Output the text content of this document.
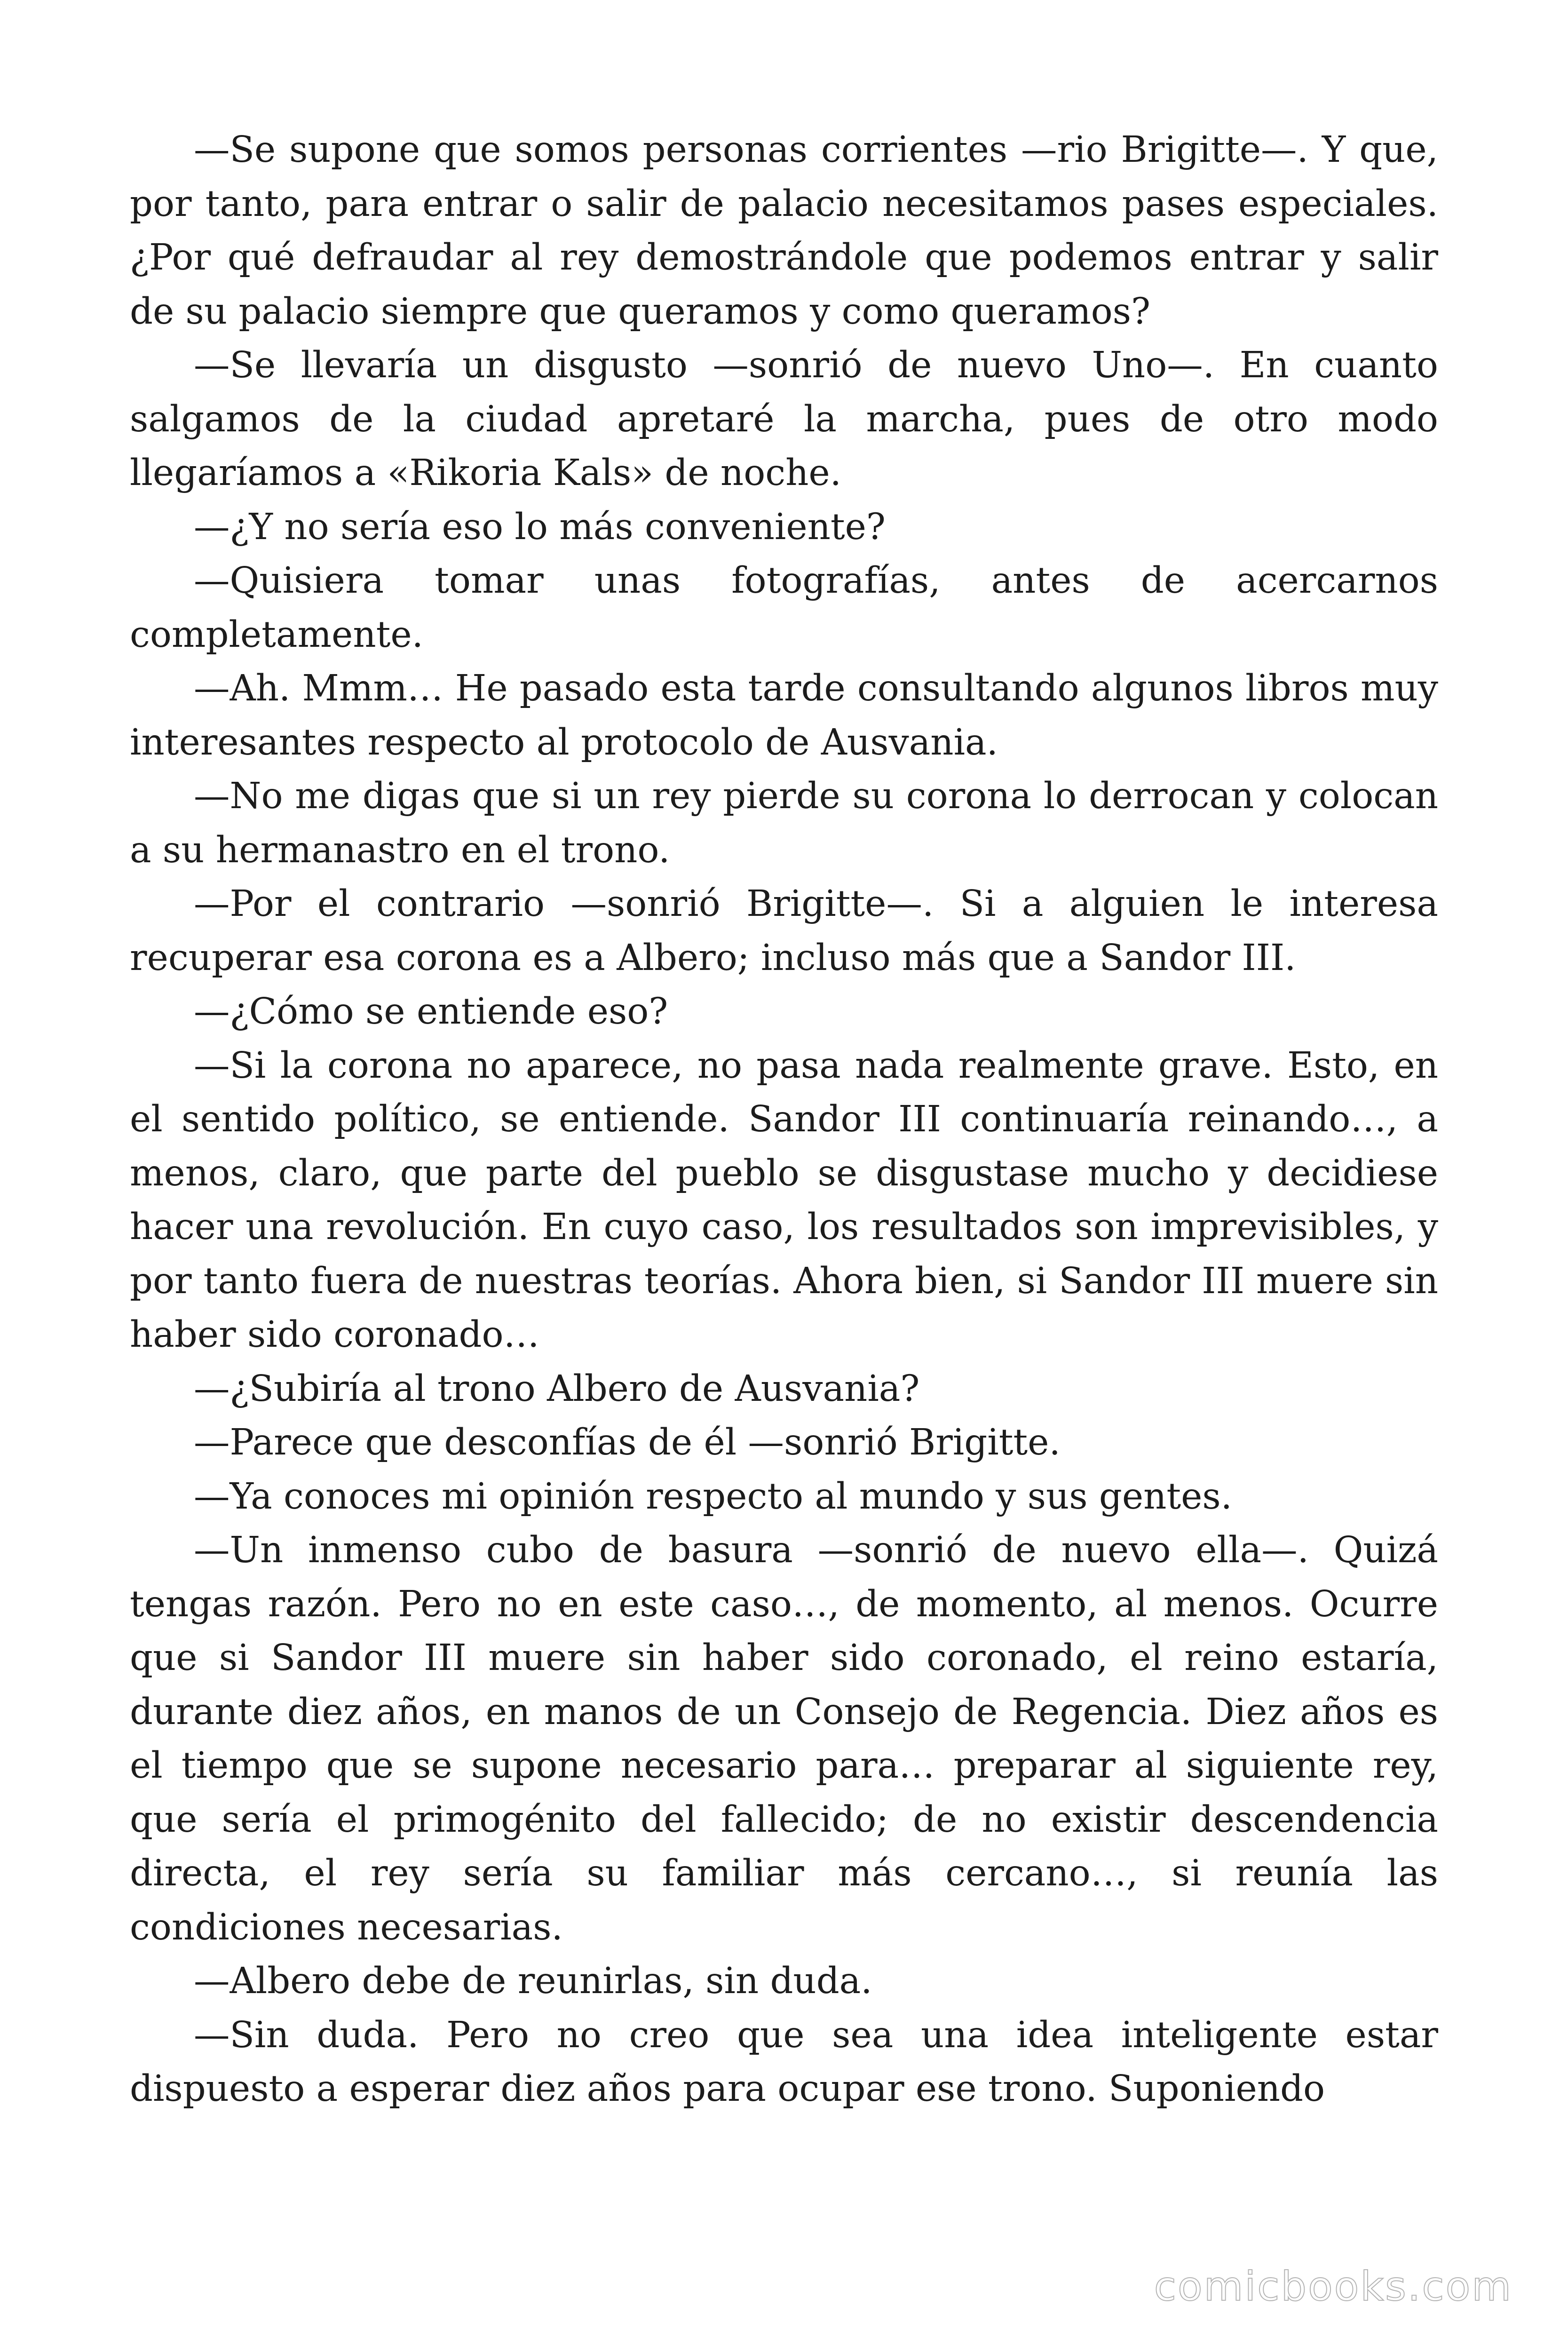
—Se supone que somos personas corrientes —rio Brigitte—. Y que, por tanto, para entrar o salir de palacio necesitamos pases especiales. ¿Por qué defraudar al rey demostrándole que podemos entrar y salir de su palacio siempre que queramos y como queramos?

—Se llevaría un disgusto —sonrió de nuevo Uno—. En cuanto salgamos de la ciudad apretaré la marcha, pues de otro modo llegaríamos a «Rikoria Kals» de noche.

—¿Y no sería eso lo más conveniente?

—Quisiera tomar unas fotografías, antes de acercarnos completamente.

—Ah. Mmm… He pasado esta tarde consultando algunos libros muy interesantes respecto al protocolo de Ausvania.

—No me digas que si un rey pierde su corona lo derrocan y colocan a su hermanastro en el trono.

—Por el contrario —sonrió Brigitte—. Si a alguien le interesa recuperar esa corona es a Albero; incluso más que a Sandor III.

—¿Cómo se entiende eso?

—Si la corona no aparece, no pasa nada realmente grave. Esto, en el sentido político, se entiende. Sandor III continuaría reinando…, a menos, claro, que parte del pueblo se disgustase mucho y decidiese hacer una revolución. En cuyo caso, los resultados son imprevisibles, y por tanto fuera de nuestras teorías. Ahora bien, si Sandor III muere sin haber sido coronado…

—¿Subiría al trono Albero de Ausvania?

—Parece que desconfías de él —sonrió Brigitte.

—Ya conoces mi opinión respecto al mundo y sus gentes.

—Un inmenso cubo de basura —sonrió de nuevo ella—. Quizá tengas razón. Pero no en este caso…, de momento, al menos. Ocurre que si Sandor III muere sin haber sido coronado, el reino estaría, durante diez años, en manos de un Consejo de Regencia. Diez años es el tiempo que se supone necesario para… preparar al siguiente rey, que sería el primogénito del fallecido; de no existir descendencia directa, el rey sería su familiar más cercano…, si reunía las condiciones necesarias.

—Albero debe de reunirlas, sin duda.

—Sin duda. Pero no creo que sea una idea inteligente estar dispuesto a esperar diez años para ocupar ese trono. Suponiendo

comicbooks.com
